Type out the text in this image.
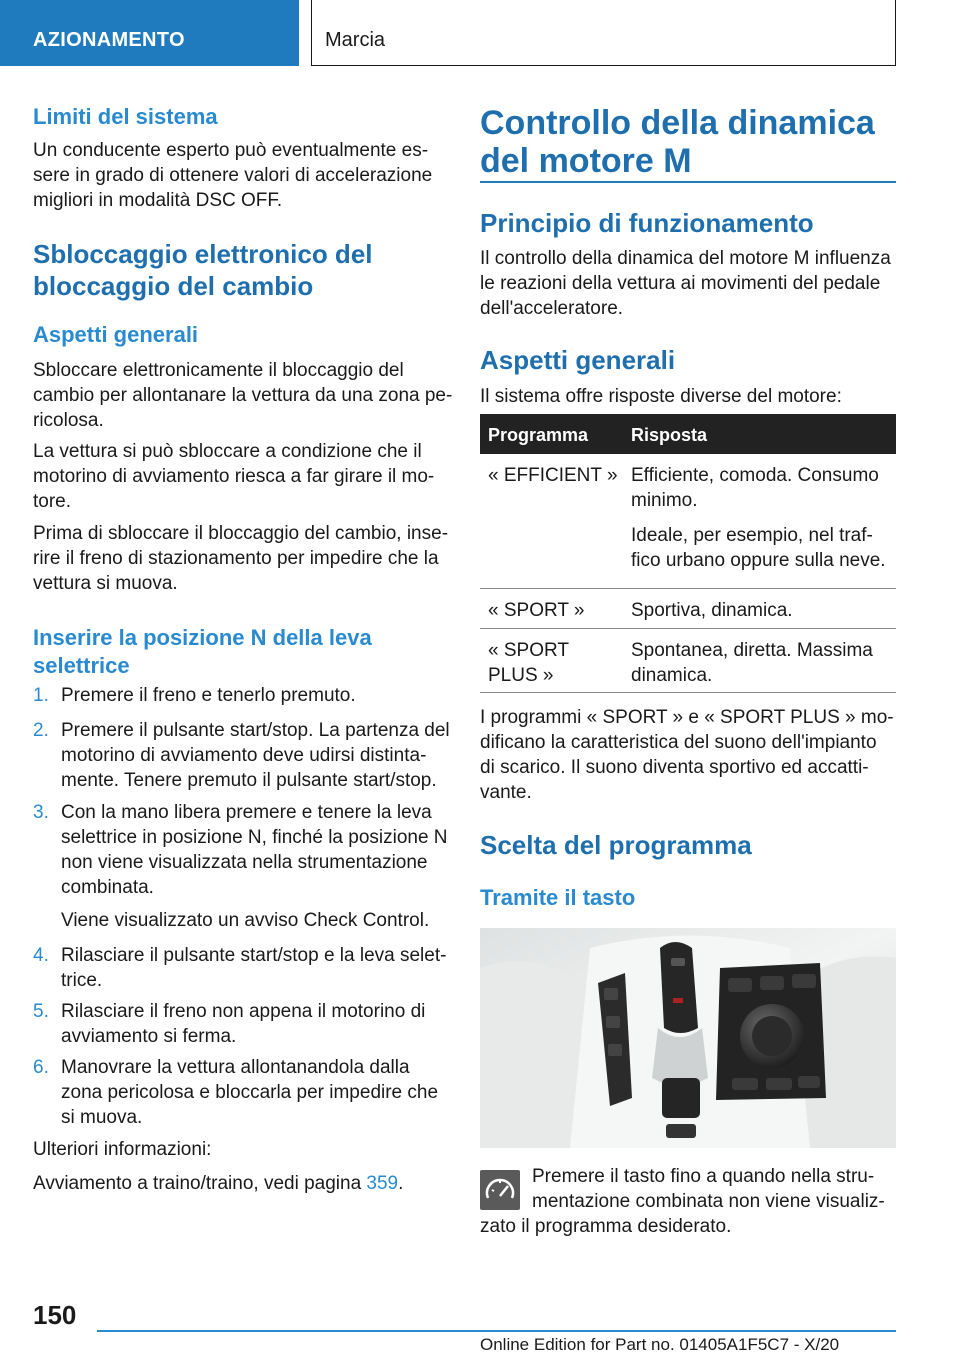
AZIONAMENTO	Marcia
Limiti del sistema
Un conducente esperto può eventualmente es-
sere in grado di ottenere valori di accelerazione
migliori in modalità DSC OFF.
Sbloccaggio elettronico del
bloccaggio del cambio
Aspetti generali
Sbloccare elettronicamente il bloccaggio del
cambio per allontanare la vettura da una zona pe-
ricolosa.
La vettura si può sbloccare a condizione che il
motorino di avviamento riesca a far girare il mo-
tore.
Prima di sbloccare il bloccaggio del cambio, inse-
rire il freno di stazionamento per impedire che la
vettura si muova.
Inserire la posizione N della leva
selettrice
1. Premere il freno e tenerlo premuto.
2. Premere il pulsante start/stop. La partenza del
motorino di avviamento deve udirsi distinta-
mente. Tenere premuto il pulsante start/stop.
3. Con la mano libera premere e tenere la leva
selettrice in posizione N, finché la posizione N
non viene visualizzata nella strumentazione
combinata.
Viene visualizzato un avviso Check Control.
4. Rilasciare il pulsante start/stop e la leva selet-
trice.
5. Rilasciare il freno non appena il motorino di
avviamento si ferma.
6. Manovrare la vettura allontanandola dalla
zona pericolosa e bloccarla per impedire che
si muova.
Ulteriori informazioni:
Avviamento a traino/traino, vedi pagina 359.
Controllo della dinamica
del motore M
Principio di funzionamento
Il controllo della dinamica del motore M influenza
le reazioni della vettura ai movimenti del pedale
dell'acceleratore.
Aspetti generali
Il sistema offre risposte diverse del motore:
Programma Risposta
« EFFICIENT » Efficiente, comoda. Consumo
minimo.
Ideale, per esempio, nel traf-
fico urbano oppure sulla neve.
« SPORT » Sportiva, dinamica.
« SPORT
PLUS »
Spontanea, diretta. Massima
dinamica.
I programmi « SPORT » e « SPORT PLUS » mo-
dificano la caratteristica del suono dell'impianto
di scarico. Il suono diventa sportivo ed accatti-
vante.
Scelta del programma
Tramite il tasto
Premere il tasto fino a quando nella stru-
mentazione combinata non viene visualiz-
zato il programma desiderato.
150
Online Edition for Part no. 01405A1F5C7 - X/20
